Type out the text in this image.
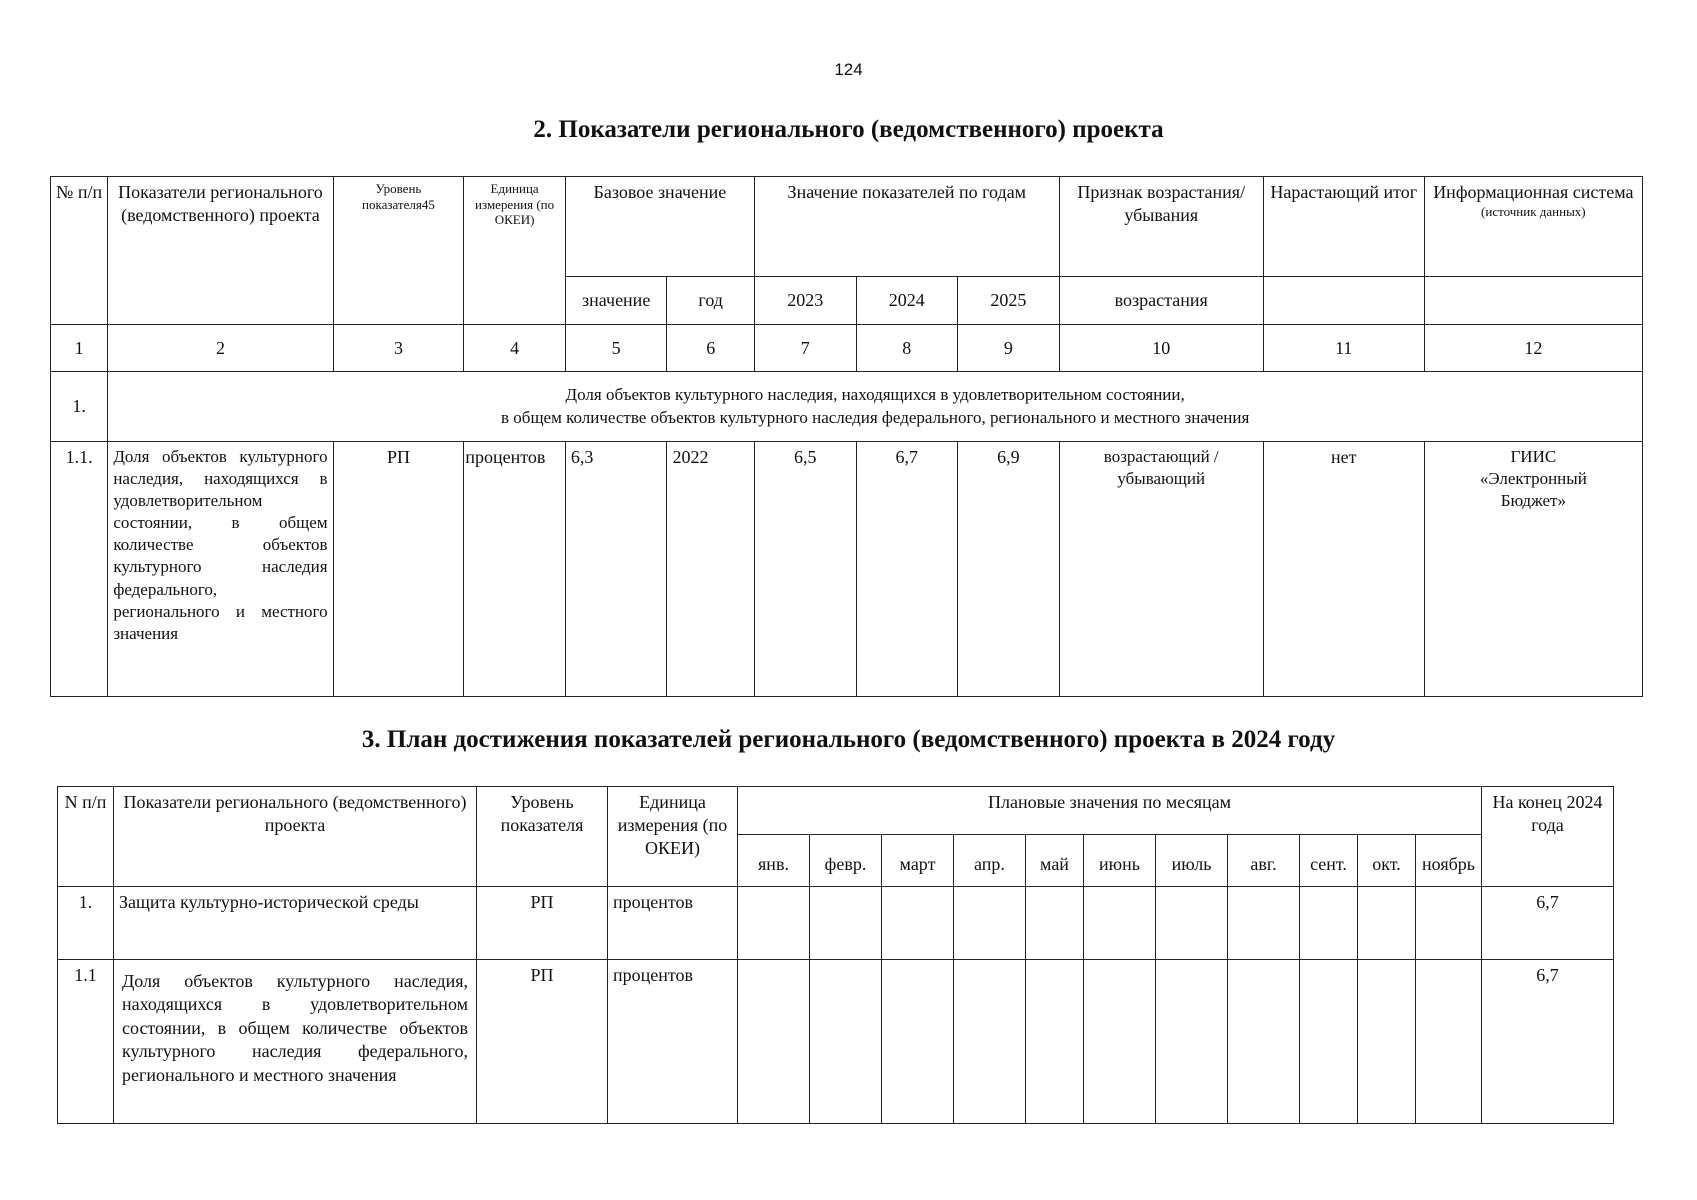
124
2. Показатели регионального (ведомственного) проекта
№ п/п	Показатели регионального (ведомственного) проекта	Уровень показателя45	Единица измерения (по ОКЕИ)	Базовое значение		Значение показателей по годам			Признак возрастания/ убывания	Нарастающий итог	Информационная система
(источник данных)

				значение	год	2023	2024	2025	возрастания		
1	2	3	4	5	6	7	8	9	10	11	12
1.	Доля объектов культурного наследия, находящихся в удовлетворительном состоянии,
в общем количестве объектов культурного наследия федерального, регионального и местного значения										

1.1.	Доля объектов культурного наследия, находящихся в удовлетворительном состоянии, в общем количестве объектов культурного наследия федерального, регионального и местного значения	РП	процентов	6,3	2022	6,5	6,7	6,9	возрастающий / убывающий	нет	ГИИС «Электронный Бюджет»
3. План достижения показателей регионального (ведомственного) проекта в 2024 году
N п/п	Показатели регионального (ведомственного) проекта	Уровень показателя	Единица измерения (по ОКЕИ)	Плановые значения по месяцам											На конец 2024 года
				янв.	февр.	март	апр.	май	июнь	июль	авг.	сент.	окт.	ноябрь	
1.	Защита культурно-исторической среды	РП	процентов												6,7
1.1	Доля объектов культурного наследия, находящихся в удовлетворительном состоянии, в общем количестве объектов культурного наследия федерального, регионального и местного значения	РП	процентов												6,7
